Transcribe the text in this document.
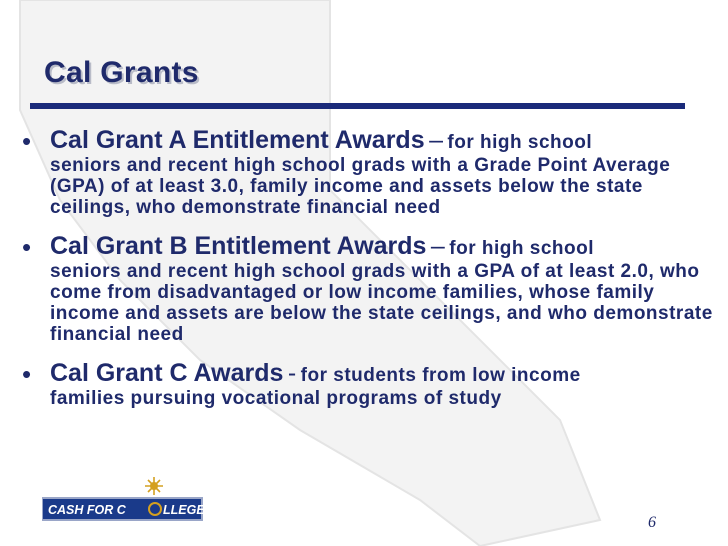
Cal Grants
• Cal Grant A Entitlement Awards – for high school
seniors and recent high school grads with a Grade Point Average (GPA) of at least 3.0, family income and assets below the state ceilings, who demonstrate financial need
• Cal Grant B Entitlement Awards – for high school
seniors and recent high school grads with a GPA of at least 2.0, who come from disadvantaged or low income families, whose family income and assets are below the state ceilings, and who demonstrate financial need
• Cal Grant C Awards - for students from low income
families pursuing vocational programs of study
CASH FOR C	LLEGE
6
